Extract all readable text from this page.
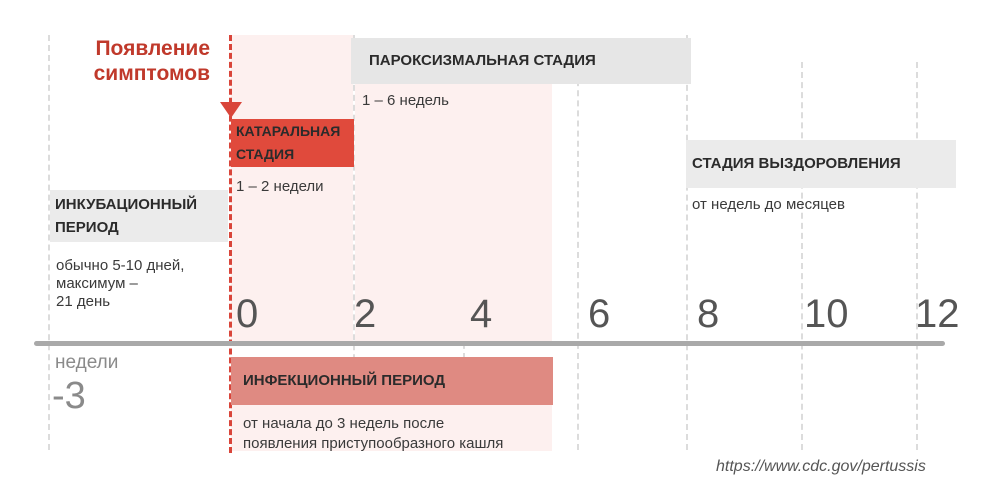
Появление
симптомов
ПАРОКСИЗМАЛЬНАЯ СТАДИЯ
1 – 6 недель
КАТАРАЛЬНАЯ
СТАДИЯ
1 – 2 недели
СТАДИЯ ВЫЗДОРОВЛЕНИЯ
от недель до месяцев
ИНКУБАЦИОННЫЙ
ПЕРИОД
обычно 5-10 дней,
максимум –
21 день	0 2 4 6 8 10 12
недели
-3	ИНФЕКЦИОННЫЙ ПЕРИОД
от начала до 3 недель после
появления приступообразного кашля
https://www.cdc.gov/pertussis
